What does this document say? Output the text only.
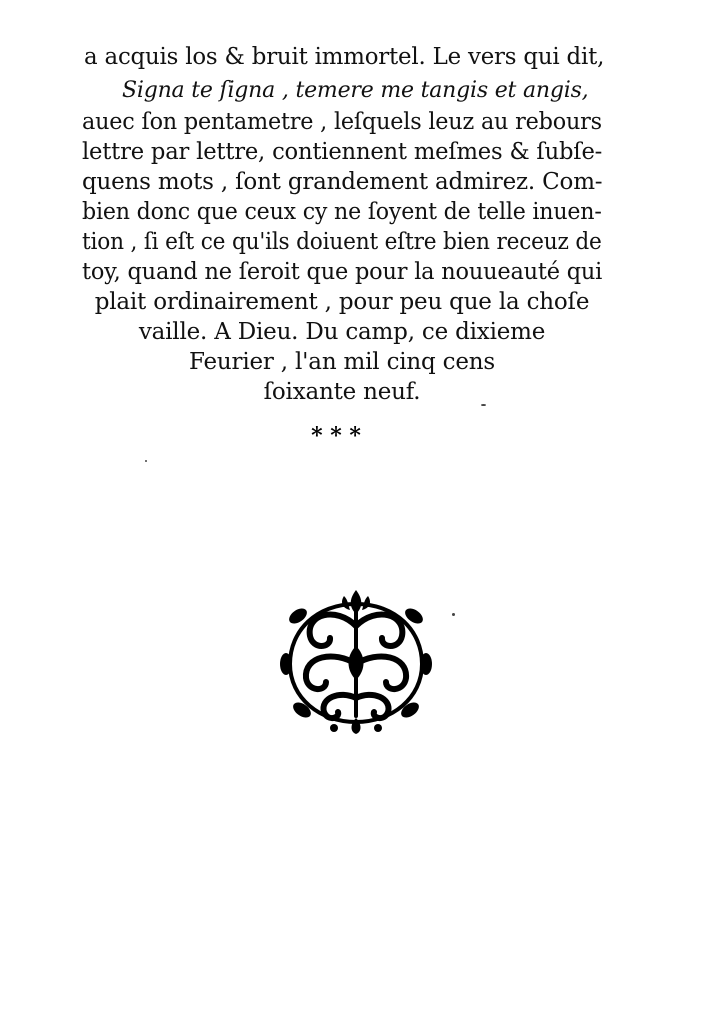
a acquis los & bruit immortel. Le vers qui dit,
Signa te ſigna , temere me tangis et angis,
auec ſon pentametre , leſquels leuz au rebours
lettre par lettre, contiennent meſmes & ſubſe-
quens mots , ſont grandement admirez. Com-
bien donc que ceux cy ne ſoyent de telle inuen-
tion , ſi eſt ce qu'ils doiuent eſtre bien receuz de
toy, quand ne ſeroit que pour la nouueauté qui
plait ordinairement , pour peu que la choſe
vaille. A Dieu. Du camp, ce dixieme
Feurier , l'an mil cinq cens
ſoixante neuf.
* * *
